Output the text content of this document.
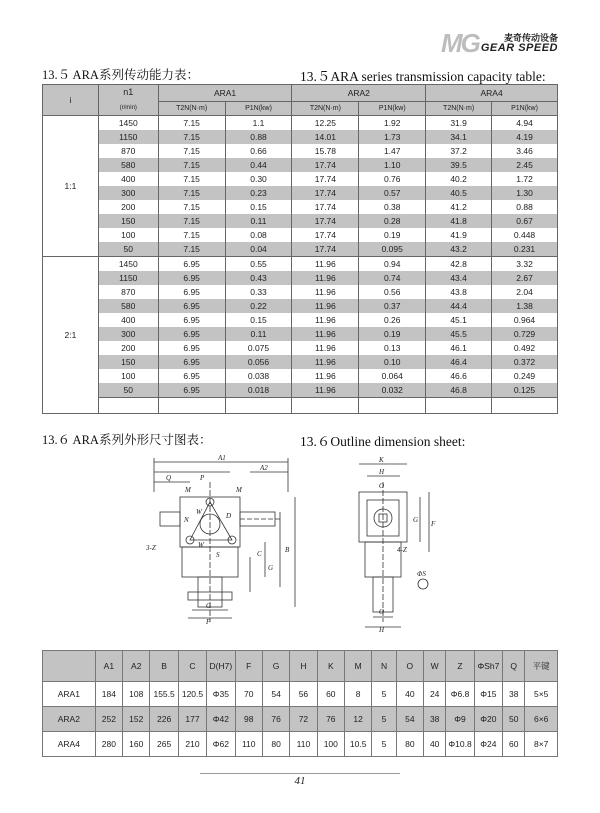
MG	麦奇传动设备
GEAR SPEED
13.５ ARA系列传动能力表：	13.５ARA series transmission capacity table:
i	n1
(r/min)	ARA1		ARA2		ARA4	
		T2N(N·m)	P1N(kw)	T2N(N·m)	P1N(kw)	T2N(N·m)	P1N(kw)
1:1	1450	7.15	1.1	12.25	1.92	31.9	4.94
	1150	7.15	0.88	14.01	1.73	34.1	4.19
	870	7.15	0.66	15.78	1.47	37.2	3.46
	580	7.15	0.44	17.74	1.10	39.5	2.45
	400	7.15	0.30	17.74	0.76	40.2	1.72
	300	7.15	0.23	17.74	0.57	40.5	1.30
	200	7.15	0.15	17.74	0.38	41.2	0.88
	150	7.15	0.11	17.74	0.28	41.8	0.67
	100	7.15	0.08	17.74	0.19	41.9	0.448
	50	7.15	0.04	17.74	0.095	43.2	0.231
2:1	1450	6.95	0.55	11.96	0.94	42.8	3.32
	1150	6.95	0.43	11.96	0.74	43.4	2.67
	870	6.95	0.33	11.96	0.56	43.8	2.04
	580	6.95	0.22	11.96	0.37	44.4	1.38
	400	6.95	0.15	11.96	0.26	45.1	0.964
	300	6.95	0.11	11.96	0.19	45.5	0.729
	200	6.95	0.075	11.96	0.13	46.1	0.492
	150	6.95	0.056	11.96	0.10	46.4	0.372
	100	6.95	0.038	11.96	0.064	46.6	0.249
	50	6.95	0.018	11.96	0.032	46.8	0.125

13.６ ARA系列外形尺寸图表：	13.６Outline dimension sheet:
A1
A2
Q	P
M	M
W
N	D
W
3-Z
S	C	B
G
G
F
K
H
O
G F
4-Z
ΦS
O
H
	A1	A2	B	C	D(H7)	F	G	H	K	M	N	O	W	Z	ΦSh7	Q	平键
ARA1	184	108	155.5	120.5	Φ35	70	54	56	60	8	5	40	24	Φ6.8	Φ15	38	5×5
ARA2	252	152	226	177	Φ42	98	76	72	76	12	5	54	38	Φ9	Φ20	50	6×6
ARA4	280	160	265	210	Φ62	110	80	110	100	10.5	5	80	40	Φ10.8	Φ24	60	8×7
41
